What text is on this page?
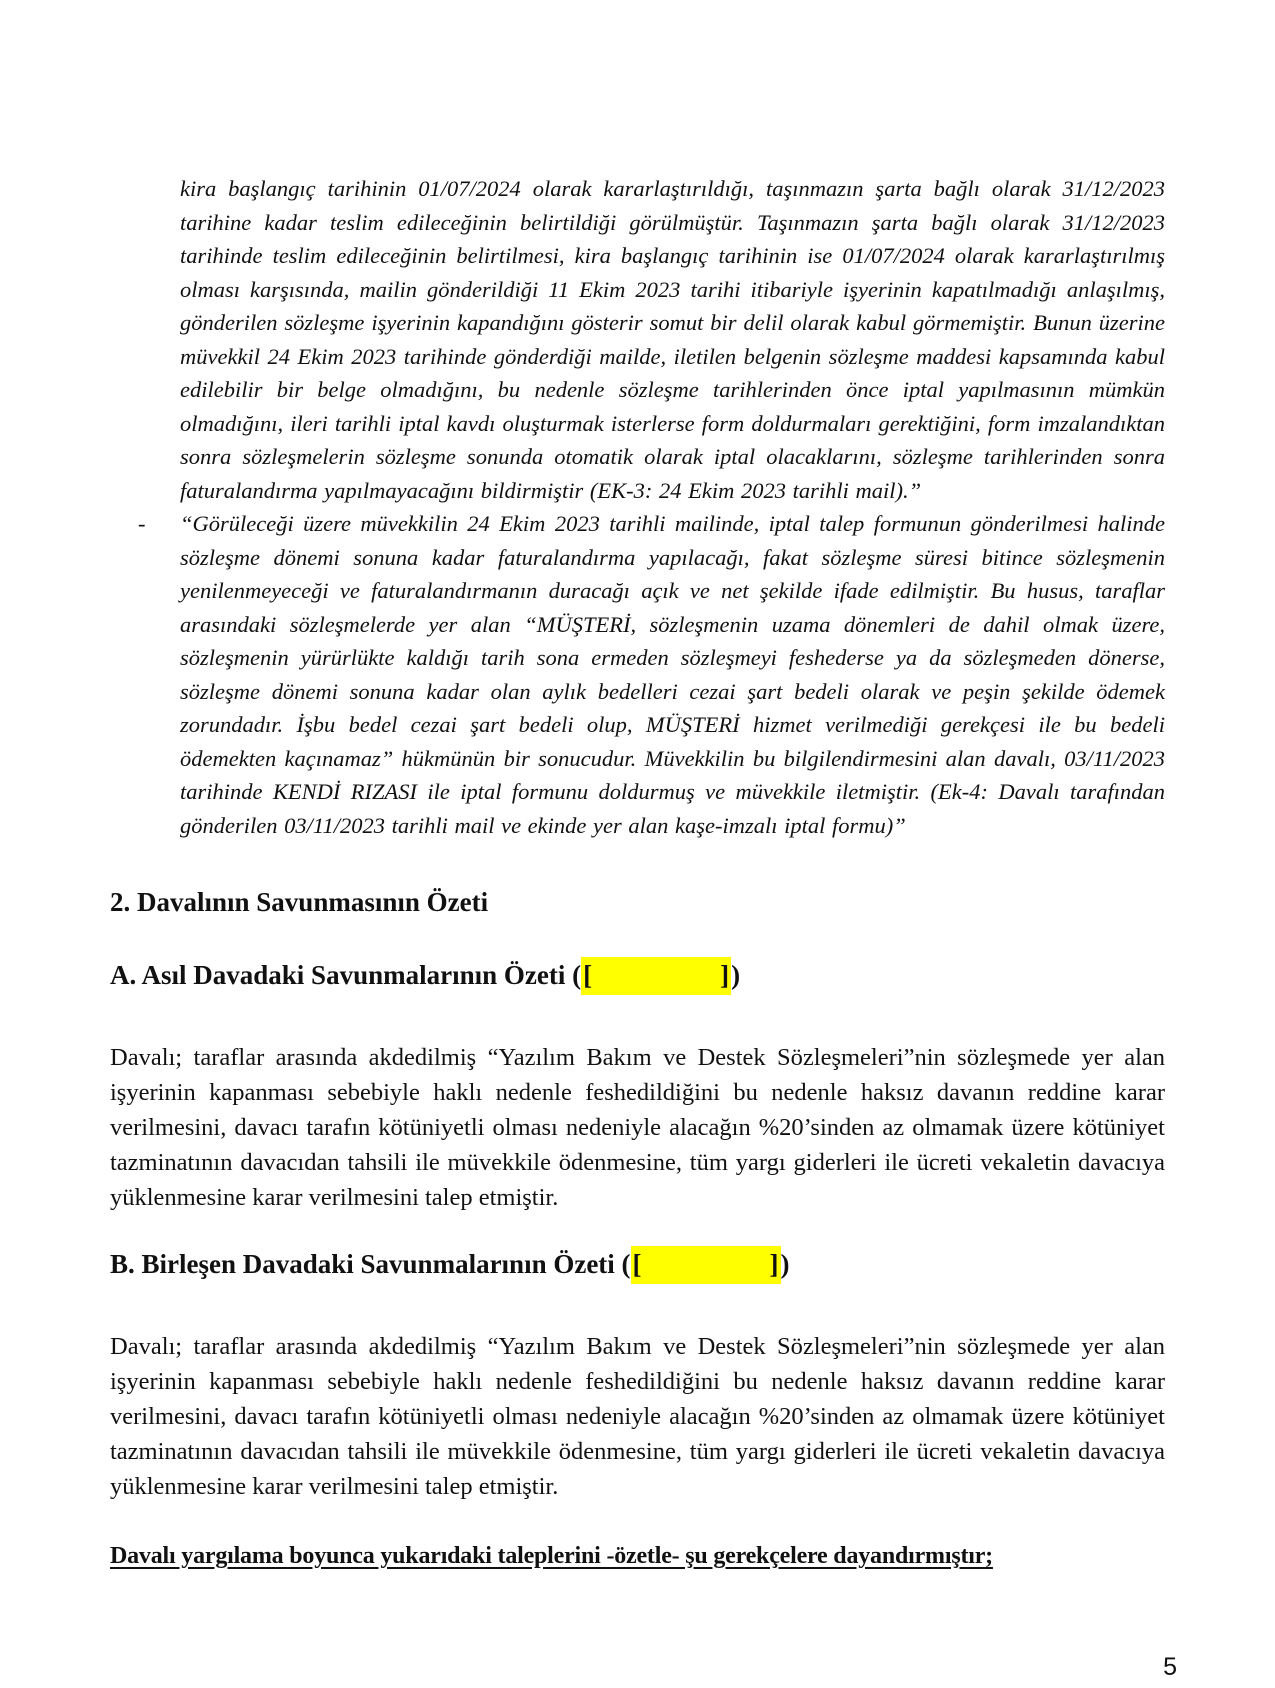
kira başlangıç tarihinin 01/07/2024 olarak kararlaştırıldığı, taşınmazın şarta bağlı olarak 31/12/2023 tarihine kadar teslim edileceğinin belirtildiği görülmüştür. Taşınmazın şarta bağlı olarak 31/12/2023 tarihinde teslim edileceğinin belirtilmesi, kira başlangıç tarihinin ise 01/07/2024 olarak kararlaştırılmış olması karşısında, mailin gönderildiği 11 Ekim 2023 tarihi itibariyle işyerinin kapatılmadığı anlaşılmış, gönderilen sözleşme işyerinin kapandığını gösterir somut bir delil olarak kabul görmemiştir. Bunun üzerine müvekkil 24 Ekim 2023 tarihinde gönderdiği mailde, iletilen belgenin sözleşme maddesi kapsamında kabul edilebilir bir belge olmadığını, bu nedenle sözleşme tarihlerinden önce iptal yapılmasının mümkün olmadığını, ileri tarihli iptal kavdı oluşturmak isterlerse form doldurmaları gerektiğini, form imzalandıktan sonra sözleşmelerin sözleşme sonunda otomatik olarak iptal olacaklarını, sözleşme tarihlerinden sonra faturalandırma yapılmayacağını bildirmiştir (EK-3: 24 Ekim 2023 tarihli mail).”

- “Görüleceği üzere müvekkilin 24 Ekim 2023 tarihli mailinde, iptal talep formunun gönderilmesi halinde sözleşme dönemi sonuna kadar faturalandırma yapılacağı, fakat sözleşme süresi bitince sözleşmenin yenilenmeyeceği ve faturalandırmanın duracağı açık ve net şekilde ifade edilmiştir. Bu husus, taraflar arasındaki sözleşmelerde yer alan “MÜŞTERİ, sözleşmenin uzama dönemleri de dahil olmak üzere, sözleşmenin yürürlükte kaldığı tarih sona ermeden sözleşmeyi feshederse ya da sözleşmeden dönerse, sözleşme dönemi sonuna kadar olan aylık bedelleri cezai şart bedeli olarak ve peşin şekilde ödemek zorundadır. İşbu bedel cezai şart bedeli olup, MÜŞTERİ hizmet verilmediği gerekçesi ile bu bedeli ödemekten kaçınamaz” hükmünün bir sonucudur. Müvekkilin bu bilgilendirmesini alan davalı, 03/11/2023 tarihinde KENDİ RIZASI ile iptal formunu doldurmuş ve müvekkile iletmiştir. (Ek-4: Davalı tarafından gönderilen 03/11/2023 tarihli mail ve ekinde yer alan kaşe-imzalı iptal formu)”

2. Davalının Savunmasının Özeti
A. Asıl Davadaki Savunmalarının Özeti ([	])

Davalı; taraflar arasında akdedilmiş “Yazılım Bakım ve Destek Sözleşmeleri”nin sözleşmede yer alan işyerinin kapanması sebebiyle haklı nedenle feshedildiğini bu nedenle haksız davanın reddine karar verilmesini, davacı tarafın kötüniyetli olması nedeniyle alacağın %20’sinden az olmamak üzere kötüniyet tazminatının davacıdan tahsili ile müvekkile ödenmesine, tüm yargı giderleri ile ücreti vekaletin davacıya yüklenmesine karar verilmesini talep etmiştir.

B. Birleşen Davadaki Savunmalarının Özeti ([	])

Davalı; taraflar arasında akdedilmiş “Yazılım Bakım ve Destek Sözleşmeleri”nin sözleşmede yer alan işyerinin kapanması sebebiyle haklı nedenle feshedildiğini bu nedenle haksız davanın reddine karar verilmesini, davacı tarafın kötüniyetli olması nedeniyle alacağın %20’sinden az olmamak üzere kötüniyet tazminatının davacıdan tahsili ile müvekkile ödenmesine, tüm yargı giderleri ile ücreti vekaletin davacıya yüklenmesine karar verilmesini talep etmiştir.

Davalı yargılama boyunca yukarıdaki taleplerini -özetle- şu gerekçelere dayandırmıştır;

5
